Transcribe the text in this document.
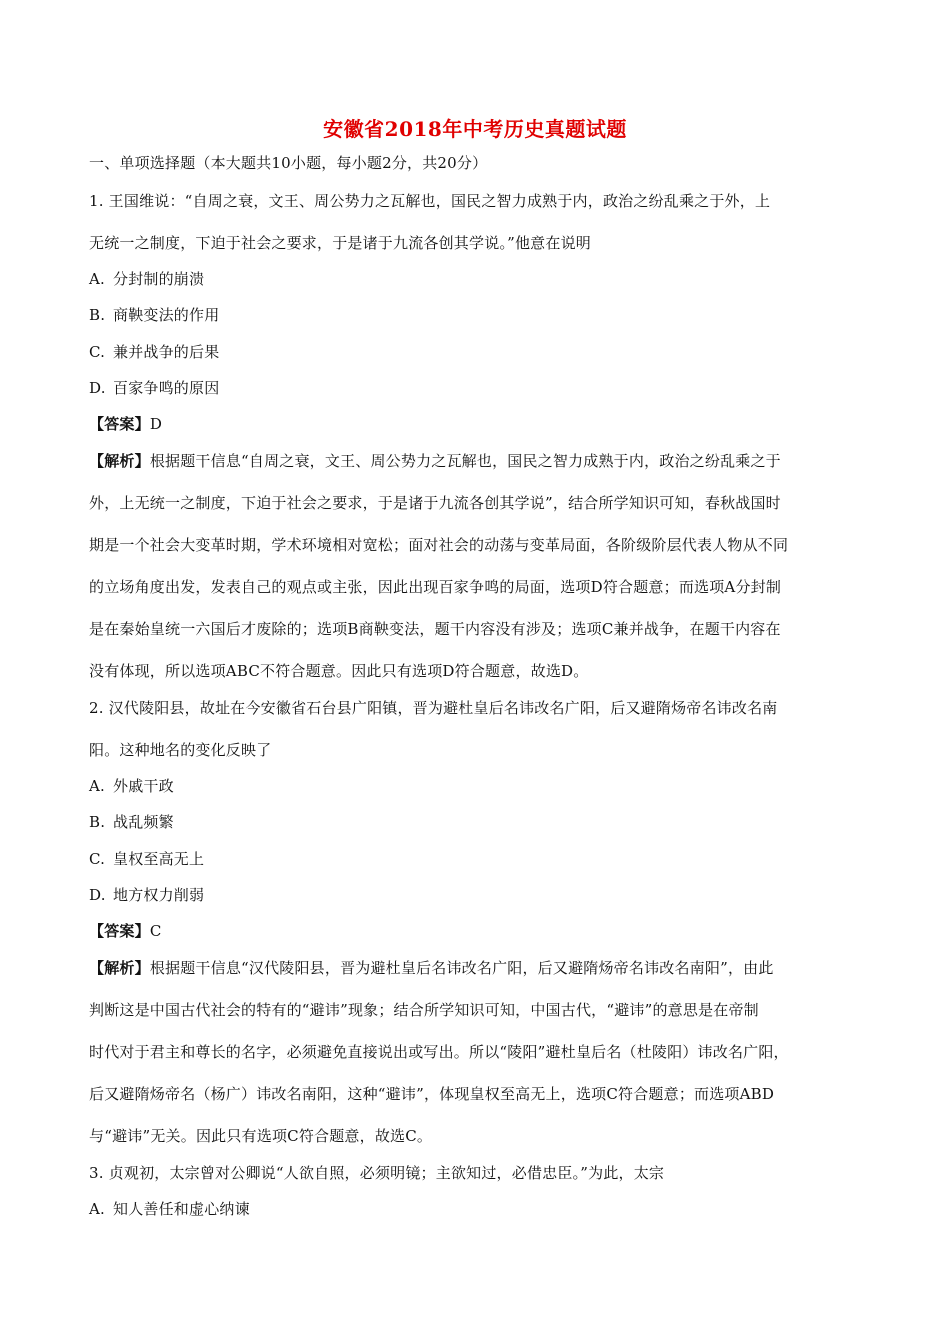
安徽省2018年中考历史真题试题
一、单项选择题（本大题共10小题，每小题2分，共20分）
1. 王国维说：“自周之衰，文王、周公势力之瓦解也，国民之智力成熟于内，政治之纷乱乘之于外，上
无统一之制度，下迫于社会之要求，于是诸于九流各创其学说。”他意在说明
A. 分封制的崩溃
B. 商鞅变法的作用
C. 兼并战争的后果
D. 百家争鸣的原因
【答案】D
【解析】根据题干信息“自周之衰，文王、周公势力之瓦解也，国民之智力成熟于内，政治之纷乱乘之于
外，上无统一之制度，下迫于社会之要求，于是诸于九流各创其学说”，结合所学知识可知，春秋战国时
期是一个社会大变革时期，学术环境相对宽松；面对社会的动荡与变革局面，各阶级阶层代表人物从不同
的立场角度出发，发表自己的观点或主张，因此出现百家争鸣的局面，选项D符合题意；而选项A分封制
是在秦始皇统一六国后才废除的；选项B商鞅变法，题干内容没有涉及；选项C兼并战争，在题干内容在
没有体现，所以选项ABC不符合题意。因此只有选项D符合题意，故选D。
2. 汉代陵阳县，故址在今安徽省石台县广阳镇，晋为避杜皇后名讳改名广阳，后又避隋炀帝名讳改名南
阳。这种地名的变化反映了
A. 外戚干政
B. 战乱频繁
C. 皇权至高无上
D. 地方权力削弱
【答案】C
【解析】根据题干信息“汉代陵阳县，晋为避杜皇后名讳改名广阳，后又避隋炀帝名讳改名南阳”，由此
判断这是中国古代社会的特有的“避讳”现象；结合所学知识可知，中国古代，“避讳”的意思是在帝制
时代对于君主和尊长的名字，必须避免直接说出或写出。所以“陵阳”避杜皇后名（杜陵阳）讳改名广阳，
后又避隋炀帝名（杨广）讳改名南阳，这种“避讳”，体现皇权至高无上，选项C符合题意；而选项ABD
与“避讳”无关。因此只有选项C符合题意，故选C。
3. 贞观初，太宗曾对公卿说“人欲自照，必须明镜；主欲知过，必借忠臣。”为此，太宗
A. 知人善任和虚心纳谏
